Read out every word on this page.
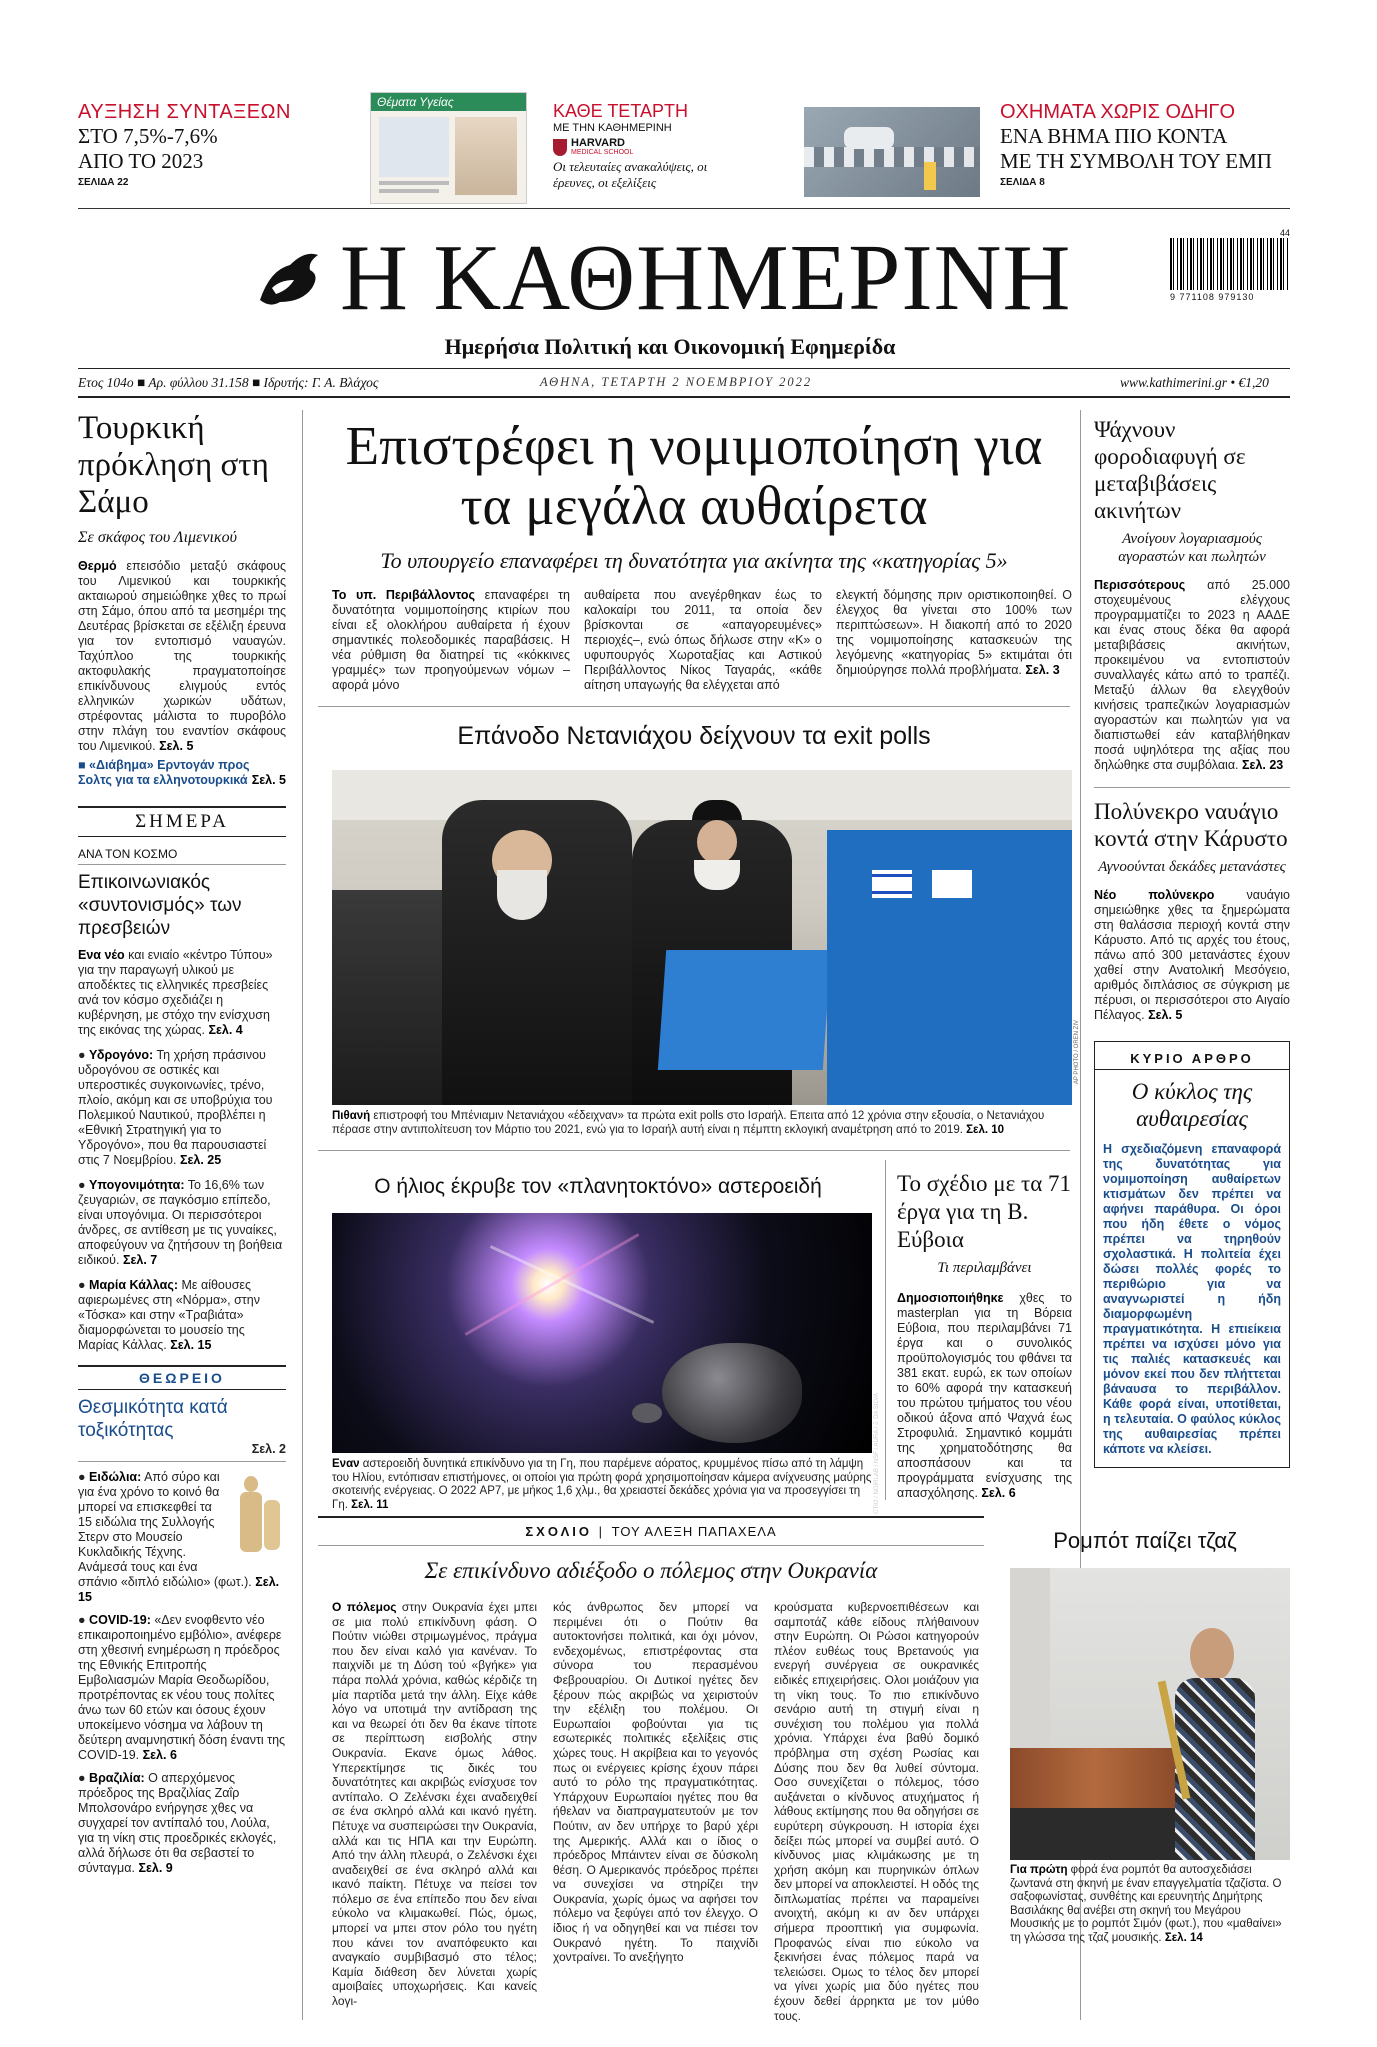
ΑΥΞΗΣΗ ΣΥΝΤΑΞΕΩΝ
ΣΤΟ 7,5%-7,6%
ΑΠΟ ΤΟ 2023
ΣΕΛΙΔΑ 22
Θέματα Υγείας	ΚΑΘΕ ΤΕΤΑΡΤΗ
ΜΕ ΤΗΝ ΚΑΘΗΜΕΡΙΝΗ
HARVARD
MEDICAL SCHOOL
Οι τελευταίες ανακαλύψεις, οι έρευνες, οι εξελίξεις
ΟΧΗΜΑΤΑ ΧΩΡΙΣ ΟΔΗΓΟ
ΕΝΑ ΒΗΜΑ ΠΙΟ ΚΟΝΤΑ
ΜΕ ΤΗ ΣΥΜΒΟΛΗ ΤΟΥ ΕΜΠ
ΣΕΛΙΔΑ 8
Η ΚΑΘΗΜΕΡΙΝΗ
Ημερήσια Πολιτική και Οικονομική Εφημερίδα
44
9 771108 979130
Ετος 104ο ■ Αρ. φύλλου 31.158 ■ Ιδρυτής: Γ. Α. Βλάχος	ΑΘΗΝΑ, ΤΕΤΑΡΤΗ 2 ΝΟΕΜΒΡΙΟΥ 2022	www.kathimerini.gr • €1,20
Τουρκική πρόκληση στη Σάμο
Σε σκάφος του Λιμενικού
Θερμό επεισόδιο μεταξύ σκάφους του Λιμενικού και τουρκικής ακταιωρού σημειώθηκε χθες το πρωί στη Σάμο, όπου από τα μεσημέρι της Δευτέρας βρίσκεται σε εξέλιξη έρευνα για τον εντοπισμό ναυαγών. Ταχύπλοο της τουρκικής ακτοφυλακής πραγματοποίησε επικίνδυνους ελιγμούς εντός ελληνικών χωρικών υδάτων, στρέφοντας μάλιστα το πυροβόλο στην πλάγη του εναντίον σκάφους του Λιμενικού. Σελ. 5
■ «Διάβημα» Ερντογάν προς Σολτς για τα ελληνοτουρκικά Σελ. 5
ΣΗΜΕΡΑ
ΑΝΑ ΤΟΝ ΚΟΣΜΟ
Επικοινωνιακός «συντονισμός» των πρεσβειών
Ενα νέο και ενιαίο «κέντρο Τύπου» για την παραγωγή υλικού με αποδέκτες τις ελληνικές πρεσβείες ανά τον κόσμο σχεδιάζει η κυβέρνηση, με στόχο την ενίσχυση της εικόνας της χώρας. Σελ. 4
● Υδρογόνο: Τη χρήση πράσινου υδρογόνου σε οστικές και υπεροστικές συγκοινωνίες, τρένο, πλοίο, ακόμη και σε υποβρύχια του Πολεμικού Ναυτικού, προβλέπει η «Εθνική Στρατηγική για το Υδρογόνο», που θα παρουσιαστεί στις 7 Νοεμβρίου. Σελ. 25
● Υπογονιμότητα: Το 16,6% των ζευγαριών, σε παγκόσμιο επίπεδο, είναι υπογόνιμα. Οι περισσότεροι άνδρες, σε αντίθεση με τις γυναίκες, αποφεύγουν να ζητήσουν τη βοήθεια ειδικού. Σελ. 7
● Μαρία Κάλλας: Με αίθουσες αφιερωμένες στη «Νόρμα», στην «Τόσκα» και στην «Τραβιάτα» διαμορφώνεται το μουσείο της Μαρίας Κάλλας. Σελ. 15
ΘΕΩΡΕΙΟ
Θεσμικότητα κατά τοξικότητας
Σελ. 2
● Ειδώλια: Από σύρο και για ένα χρόνο το κοινό θα μπορεί να επισκεφθεί τα 15 ειδώλια της Συλλογής Στερν στο Μουσείο Κυκλαδικής Τέχνης. Ανάμεσά τους και ένα σπάνιο «διπλό ειδώλιο» (φωτ.). Σελ. 15
● COVID-19: «Δεν ενοφθεντο νέο επικαιροποιημένο εμβόλιο», ανέφερε στη χθεσινή ενημέρωση η πρόεδρος της Εθνικής Επιτροπής Εμβολιασμών Μαρία Θεοδωρίδου, προτρέποντας εκ νέου τους πολίτες άνω των 60 ετών και όσους έχουν υποκείμενο νόσημα να λάβουν τη δεύτερη αναμνηστική δόση έναντι της COVID-19. Σελ. 6
● Βραζιλία: Ο απερχόμενος πρόεδρος της Βραζιλίας Ζαΐρ Μπολσονάρο ενήργησε χθες να συγχαρεί τον αντίπαλό του, Λούλα, για τη νίκη στις προεδρικές εκλογές, αλλά δήλωσε ότι θα σεβαστεί το σύνταγμα. Σελ. 9
Επιστρέφει η νομιμοποίηση για τα μεγάλα αυθαίρετα
Το υπουργείο επαναφέρει τη δυνατότητα για ακίνητα της «κατηγορίας 5»
Το υπ. Περιβάλλοντος επαναφέρει τη δυνατότητα νομιμοποίησης κτιρίων που είναι εξ ολοκλήρου αυθαίρετα ή έχουν σημαντικές πολεοδομικές παραβάσεις. Η νέα ρύθμιση θα διατηρεί τις «κόκκινες γραμμές» των προηγούμενων νόμων –αφορά μόνο
αυθαίρετα που ανεγέρθηκαν έως το καλοκαίρι του 2011, τα οποία δεν βρίσκονται σε «απαγορευμένες» περιοχές–, ενώ όπως δήλωσε στην «Κ» ο υφυπουργός Χωροταξίας και Αστικού Περιβάλλοντος Νίκος Ταγαράς, «κάθε αίτηση υπαγωγής θα ελέγχεται από
ελεγκτή δόμησης πριν οριστικοποιηθεί. Ο έλεγχος θα γίνεται στο 100% των περιπτώσεων». Η διακοπή από το 2020 της νομιμοποίησης κατασκευών της λεγόμενης «κατηγορίας 5» εκτιμάται ότι δημιούργησε πολλά προβλήματα. Σελ. 3
Επάνοδο Νετανιάχου δείχνουν τα exit polls
AP PHOTO / OREN ZIV
Πιθανή επιστροφή του Μπένιαμιν Νετανιάχου «έδειχναν» τα πρώτα exit polls στο Ισραήλ. Επειτα από 12 χρόνια στην εξουσία, ο Νετανιάχου πέρασε στην αντιπολίτευση τον Μάρτιο του 2021, ενώ για το Ισραήλ αυτή είναι η πέμπτη εκλογική αναμέτρηση από το 2019. Σελ. 10
Ο ήλιος έκρυβε τον «πλανητοκτόνο» αστεροειδή
CTIO / NOIRLAB / NSF / AURA / J. DA SILVA
Εναν αστεροειδή δυνητικά επικίνδυνο για τη Γη, που παρέμενε αόρατος, κρυμμένος πίσω από τη λάμψη του Ηλίου, εντόπισαν επιστήμονες, οι οποίοι για πρώτη φορά χρησιμοποίησαν κάμερα ανίχνευσης μαύρης σκοτεινής ενέργειας. Ο 2022 AP7, με μήκος 1,6 χλμ., θα χρειαστεί δεκάδες χρόνια για να προσεγγίσει τη Γη. Σελ. 11
Το σχέδιο με τα 71 έργα για τη Β. Εύβοια
Τι περιλαμβάνει
Δημοσιοποιήθηκε χθες το masterplan για τη Βόρεια Εύβοια, που περιλαμβάνει 71 έργα και ο συνολικός προϋπολογισμός του φθάνει τα 381 εκατ. ευρώ, εκ των οποίων το 60% αφορά την κατασκευή του πρώτου τμήματος του νέου οδικού άξονα από Ψαχνά έως Στροφυλιά. Σημαντικό κομμάτι της χρηματοδότησης θα αποσπάσουν και τα προγράμματα ενίσχυσης της απασχόλησης. Σελ. 6
ΣΧΟΛΙΟ | ΤΟΥ ΑΛΕΞΗ ΠΑΠΑΧΕΛΑ
Σε επικίνδυνο αδιέξοδο ο πόλεμος στην Ουκρανία
Ο πόλεμος στην Ουκρανία έχει μπει σε μια πολύ επικίνδυνη φάση. Ο Πούτιν νιώθει στριμωγμένος, πράγμα που δεν είναι καλό για κανέναν. Το παιχνίδι με τη Δύση τού «βγήκε» για πάρα πολλά χρόνια, καθώς κέρδιζε τη μία παρτίδα μετά την άλλη. Είχε κάθε λόγο να υποτιμά την αντίδραση της και να θεωρεί ότι δεν θα έκανε τίποτε σε περίπτωση εισβολής στην Ουκρανία. Εκανε όμως λάθος. Υπερεκτίμησε τις δικές του δυνατότητες και ακριβώς ενίσχυσε τον αντίπαλο. Ο Ζελένσκι έχει αναδειχθεί σε ένα σκληρό αλλά και ικανό ηγέτη. Πέτυχε να συσπειρώσει την Ουκρανία, αλλά και τις ΗΠΑ και την Ευρώπη. Από την άλλη πλευρά, ο Ζελένσκι έχει αναδειχθεί σε ένα σκληρό αλλά και ικανό παίκτη. Πέτυχε να πείσει τον πόλεμο σε ένα επίπεδο που δεν είναι εύκολο να κλιμακωθεί. Πώς, όμως, μπορεί να μπει στον ρόλο του ηγέτη που κάνει τον αναπόφευκτο και αναγκαίο συμβιβασμό στο τέλος; Καμία διάθεση δεν λύνεται χωρίς αμοιβαίες υποχωρήσεις. Και κανείς λογι-
κός άνθρωπος δεν μπορεί να περιμένει ότι ο Πούτιν θα αυτοκτονήσει πολιτικά, και όχι μόνον, ενδεχομένως, επιστρέφοντας στα σύνορα του περασμένου Φεβρουαρίου. Οι Δυτικοί ηγέτες δεν ξέρουν πώς ακριβώς να χειριστούν την εξέλιξη του πολέμου. Οι Ευρωπαίοι φοβούνται για τις εσωτερικές πολιτικές εξελίξεις στις χώρες τους. Η ακρίβεια και το γεγονός πως οι ενέργειες κρίσης έχουν πάρει αυτό το ρόλο της πραγματικότητας. Υπάρχουν Ευρωπαίοι ηγέτες που θα ήθελαν να διαπραγματευτούν με τον Πούτιν, αν δεν υπήρχε το βαρύ χέρι της Αμερικής. Αλλά και ο ίδιος ο πρόεδρος Μπάιντεν είναι σε δύσκολη θέση. Ο Αμερικανός πρόεδρος πρέπει να συνεχίσει να στηρίζει την Ουκρανία, χωρίς όμως να αφήσει τον πόλεμο να ξεφύγει από τον έλεγχο. Ο ίδιος ή να οδηγηθεί και να πιέσει τον Ουκρανό ηγέτη. Το παιχνίδι χοντραίνει. Το ανεξήγητο
κρούσματα κυβερνοεπιθέσεων και σαμποτάζ κάθε είδους πλήθαινουν στην Ευρώπη. Οι Ρώσοι κατηγορούν πλέον ευθέως τους Βρετανούς για ενεργή συνέργεια σε ουκρανικές ειδικές επιχειρήσεις. Ολοι μοιάζουν για τη νίκη τους. Το πιο επικίνδυνο σενάριο αυτή τη στιγμή είναι η συνέχιση του πολέμου για πολλά χρόνια. Υπάρχει ένα βαθύ δομικό πρόβλημα στη σχέση Ρωσίας και Δύσης που δεν θα λυθεί σύντομα. Οσο συνεχίζεται ο πόλεμος, τόσο αυξάνεται ο κίνδυνος ατυχήματος ή λάθους εκτίμησης που θα οδηγήσει σε ευρύτερη σύγκρουση. Η ιστορία έχει δείξει πώς μπορεί να συμβεί αυτό. Ο κίνδυνος μιας κλιμάκωσης με τη χρήση ακόμη και πυρηνικών όπλων δεν μπορεί να αποκλειστεί. Η οδός της διπλωματίας πρέπει να παραμείνει ανοιχτή, ακόμη κι αν δεν υπάρχει σήμερα προοπτική για συμφωνία. Προφανώς είναι πιο εύκολο να ξεκινήσει ένας πόλεμος παρά να τελειώσει. Ομως το τέλος δεν μπορεί να γίνει χωρίς μια δύο ηγέτες που έχουν δεθεί άρρηκτα με τον μύθο τους.
Ψάχνουν φοροδιαφυγή σε μεταβιβάσεις ακινήτων
Ανοίγουν λογαριασμούς αγοραστών και πωλητών
Περισσότερους από 25.000 στοχευμένους ελέγχους προγραμματίζει το 2023 η ΑΑΔΕ και ένας στους δέκα θα αφορά μεταβιβάσεις ακινήτων, προκειμένου να εντοπιστούν συναλλαγές κάτω από το τραπέζι. Μεταξύ άλλων θα ελεγχθούν κινήσεις τραπεζικών λογαριασμών αγοραστών και πωλητών για να διαπιστωθεί εάν καταβλήθηκαν ποσά υψηλότερα της αξίας που δηλώθηκε στα συμβόλαια. Σελ. 23
Πολύνεκρο ναυάγιο κοντά στην Κάρυστο
Αγνοούνται δεκάδες μετανάστες
Νέο πολύνεκρο ναυάγιο σημειώθηκε χθες τα ξημερώματα στη θαλάσσια περιοχή κοντά στην Κάρυστο. Από τις αρχές του έτους, πάνω από 300 μετανάστες έχουν χαθεί στην Ανατολική Μεσόγειο, αριθμός διπλάσιος σε σύγκριση με πέρυσι, οι περισσότεροι στο Αιγαίο Πέλαγος. Σελ. 5
ΚΥΡΙΟ ΑΡΘΡΟ
Ο κύκλος της αυθαιρεσίας
Η σχεδιαζόμενη επαναφορά της δυνατότητας για νομιμοποίηση αυθαίρετων κτισμάτων δεν πρέπει να αφήνει παράθυρα. Οι όροι που ήδη έθετε ο νόμος πρέπει να τηρηθούν σχολαστικά. Η πολιτεία έχει δώσει πολλές φορές το περιθώριο για να αναγνωριστεί η ήδη διαμορφωμένη πραγματικότητα. Η επιείκεια πρέπει να ισχύσει μόνο για τις παλιές κατασκευές και μόνον εκεί που δεν πλήττεται βάναυσα το περιβάλλον. Κάθε φορά είναι, υποτίθεται, η τελευταία. Ο φαύλος κύκλος της αυθαιρεσίας πρέπει κάποτε να κλείσει.
Ρομπότ παίζει τζαζ
Για πρώτη φορά ένα ρομπότ θα αυτοσχεδιάσει ζωντανά στη σκηνή με έναν επαγγελματία τζαζίστα. Ο σαξοφωνίστας, συνθέτης και ερευνητής Δημήτρης Βασιλάκης θα ανέβει στη σκηνή του Μεγάρου Μουσικής με το ρομπότ Σιμόν (φωτ.), που «μαθαίνει» τη γλώσσα της τζαζ μουσικής. Σελ. 14
